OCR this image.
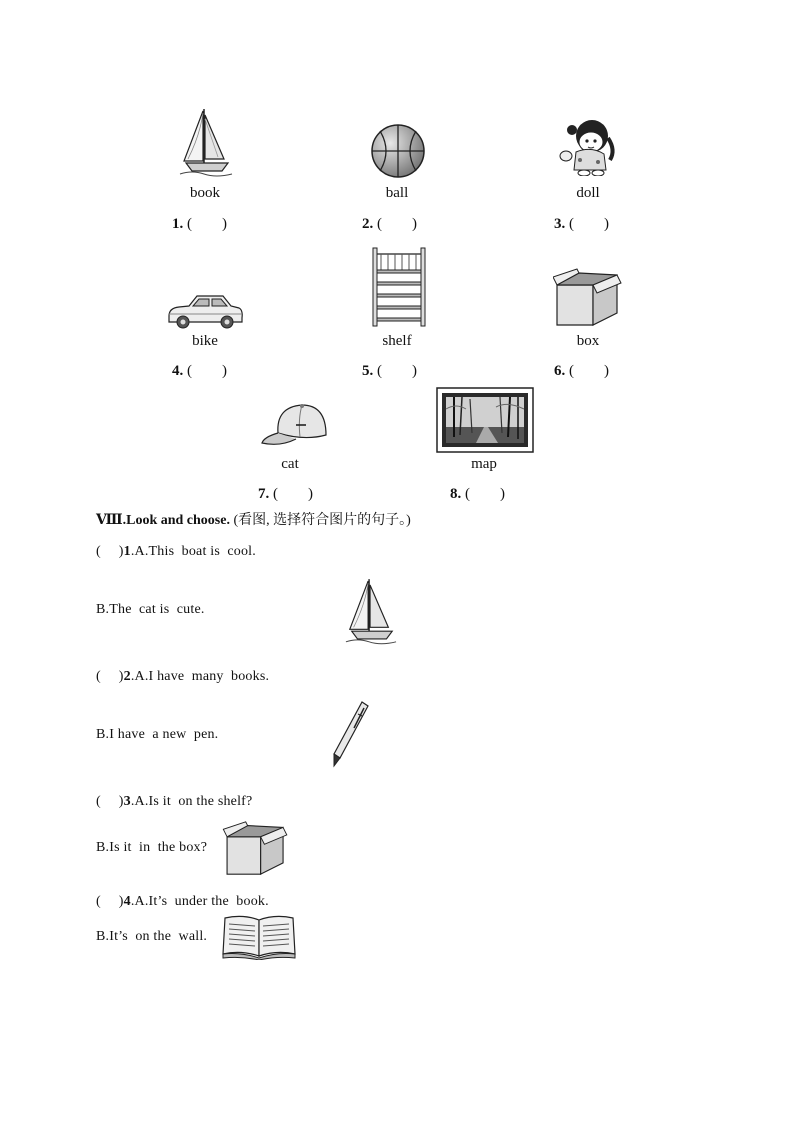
book
1. (　　)
ball
2. (　　)
doll
3. (　　)
bike
4. (　　)
shelf
5. (　　)
box
6. (　　)
cat
7. (　　)
map
8. (　　)
Ⅷ.Look and choose. (看图, 选择符合图片的句子。)
(　 )1.A.This  boat is  cool.
B.The  cat is  cute.
(　 )2.A.I have  many  books.
B.I have  a new  pen.
(　 )3.A.Is it  on the shelf?
B.Is it  in  the box?
(　 )4.A.It’s  under the  book.
B.It’s  on the  wall.
